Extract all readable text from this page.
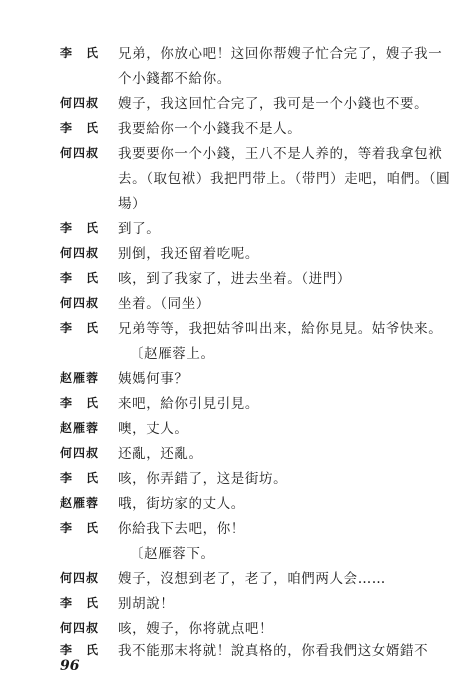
李　氏	兄弟，你放心吧！这回你帮嫂子忙合完了，嫂子我一
个小錢都不給你。
何四叔	嫂子，我这回忙合完了，我可是一个小錢也不要。
李　氏	我要給你一个小錢我不是人。
何四叔	我要要你一个小錢，王八不是人养的，等着我拿包袱
去。（取包袱）我把門带上。（带門）走吧，咱們。（圓
場）
李　氏	到了。
何四叔	别倒，我还留着吃呢。
李　氏	咳，到了我家了，进去坐着。（进門）
何四叔	坐着。（同坐）
李　氏	兄弟等等，我把姑爷叫出来，給你見見。姑爷快来。
〔赵雁蓉上。
赵雁蓉	姨媽何事？
李　氏	来吧，給你引見引見。
赵雁蓉	噢，丈人。
何四叔	还亂，还亂。
李　氏	咳，你弄錯了，这是街坊。
赵雁蓉	哦，街坊家的丈人。
李　氏	你給我下去吧，你！
〔赵雁蓉下。
何四叔	嫂子，沒想到老了，老了，咱們两人会……
李　氏	别胡說！
何四叔	咳，嫂子，你将就点吧！
李　氏	我不能那末将就！說真格的，你看我們这女婿錯不
96
